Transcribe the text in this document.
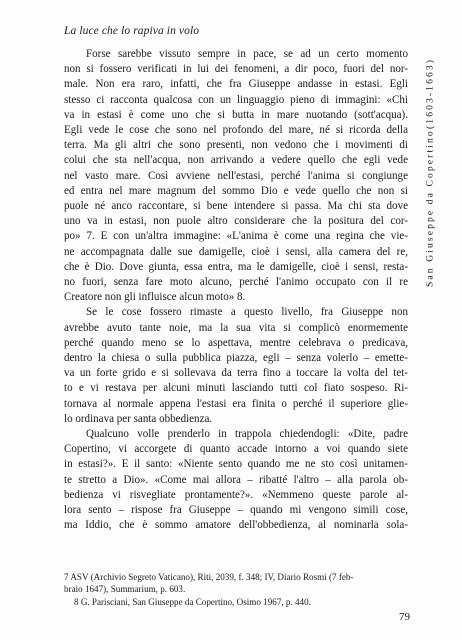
La luce che lo rapiva in volo
San Giuseppe da Copertino
(1603-1663)
Forse sarebbe vissuto sempre in pace, se ad un certo momento
non si fossero verificati in lui dei fenomeni, a dir poco, fuori del nor-
male. Non era raro, infatti, che fra Giuseppe andasse in estasi. Egli
stesso ci racconta qualcosa con un linguaggio pieno di immagini: «Chi
va in estasi è come uno che si butta in mare nuotando (sott'acqua).
Egli vede le cose che sono nel profondo del mare, né si ricorda della
terra. Ma gli altri che sono presenti, non vedono che i movimenti di
colui che sta nell'acqua, non arrivando a vedere quello che egli vede
nel vasto mare. Così avviene nell'estasi, perché l'anima si congiunge
ed entra nel mare magnum del sommo Dio e vede quello che non si
puole né anco raccontare, si bene intendere si passa. Ma chi sta dove
uno va in estasi, non puole altro considerare che la positura del cor-
po» 7. E con un'altra immagine: «L'anima è come una regina che vie-
ne accompagnata dalle sue damigelle, cioè i sensi, alla camera del re,
che è Dio. Dove giunta, essa entra, ma le damigelle, cioè i sensi, resta-
no fuori, senza fare moto alcuno, perché l'animo occupato con il re
Creatore non gli influisce alcun moto» 8.
Se le cose fossero rimaste a questo livello, fra Giuseppe non
avrebbe avuto tante noie, ma la sua vita si complicò enormemente
perché quando meno se lo aspettava, mentre celebrava o predicava,
dentro la chiesa o sulla pubblica piazza, egli – senza volerlo – emette-
va un forte grido e si sollevava da terra fino a toccare la volta del tet-
to e vi restava per alcuni minuti lasciando tutti col fiato sospeso. Ri-
tornava al normale appena l'estasi era finita o perché il superiore glie-
lo ordinava per santa obbedienza.
Qualcuno volle prenderlo in trappola chiedendogli: «Dite, padre
Copertino, vi accorgete di quanto accade intorno a voi quando siete
in estasi?». E il santo: «Niente sento quando me ne sto così unitamen-
te stretto a Dio». «Come mai allora – ribatté l'altro – alla parola ob-
bedienza vi risvegliate prontamente?». «Nemmeno queste parole al-
lora sento – rispose fra Giuseppe – quando mi vengono simili cose,
ma Iddio, che è sommo amatore dell'obbedienza, al nominarla sola-
7 ASV (Archivio Segreto Vaticano), Riti, 2039, f. 348; IV, Diario Rosmi (7 feb-
braio 1647), Summarium, p. 603.
8 G. Parisciani, San Giuseppe da Copertino, Osimo 1967, p. 440.
79
